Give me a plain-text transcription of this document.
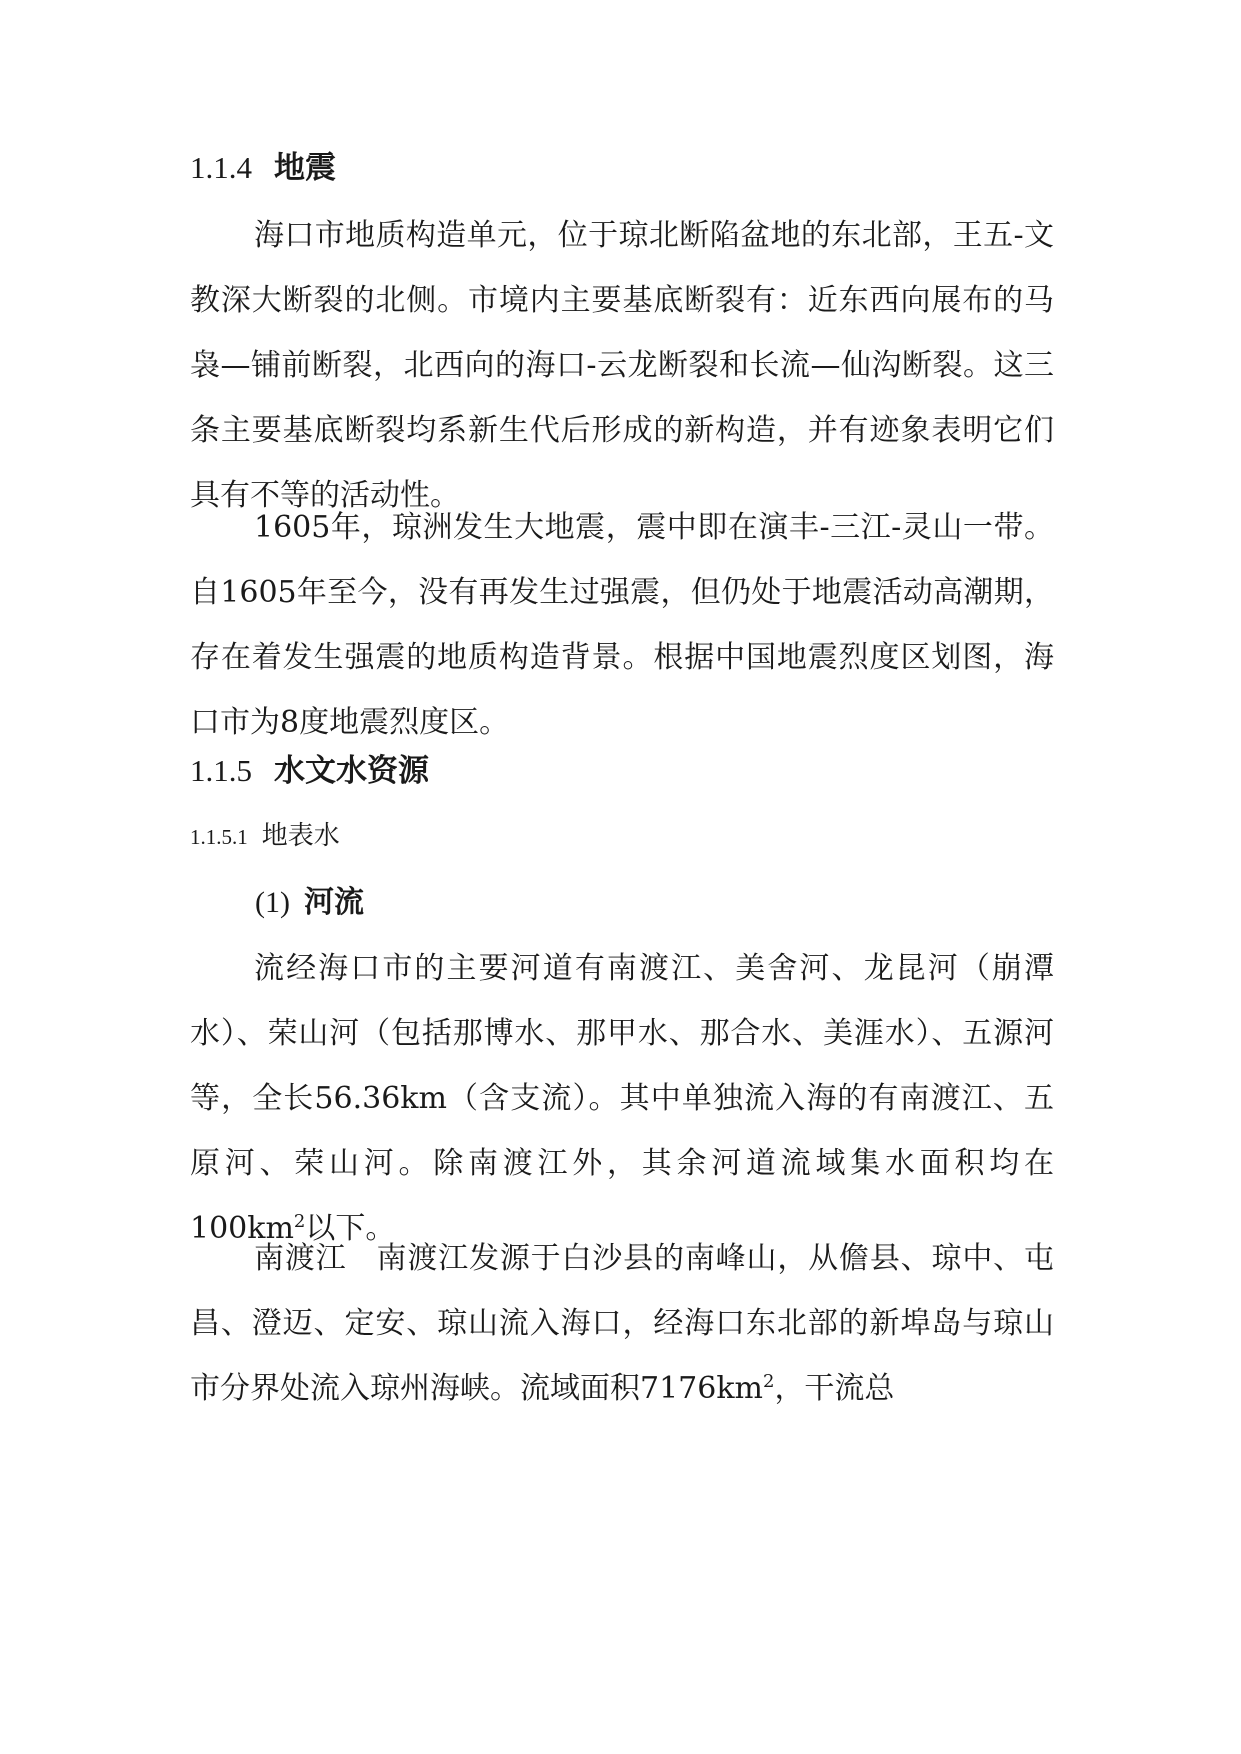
1.1.4 地震

海口市地质构造单元，位于琼北断陷盆地的东北部，王五-文教深大断裂的北侧。市境内主要基底断裂有：近东西向展布的马袅—铺前断裂，北西向的海口-云龙断裂和长流—仙沟断裂。这三条主要基底断裂均系新生代后形成的新构造，并有迹象表明它们具有不等的活动性。

1605年，琼洲发生大地震，震中即在演丰-三江-灵山一带。自1605年至今，没有再发生过强震，但仍处于地震活动高潮期，存在着发生强震的地质构造背景。根据中国地震烈度区划图，海口市为8度地震烈度区。

1.1.5 水文水资源
1.1.5.1 地表水
(1) 河流

流经海口市的主要河道有南渡江、美舍河、龙昆河（崩潭水）、荣山河（包括那博水、那甲水、那合水、美涯水）、五源河等，全长56.36km（含支流）。其中单独流入海的有南渡江、五原河、荣山河。除南渡江外，其余河道流域集水面积均在$100km^2$以下。

南渡江 南渡江发源于白沙县的南峰山，从儋县、琼中、屯昌、澄迈、定安、琼山流入海口，经海口东北部的新埠岛与琼山市分界处流入琼州海峡。流域面积$7176km^2$，干流总
